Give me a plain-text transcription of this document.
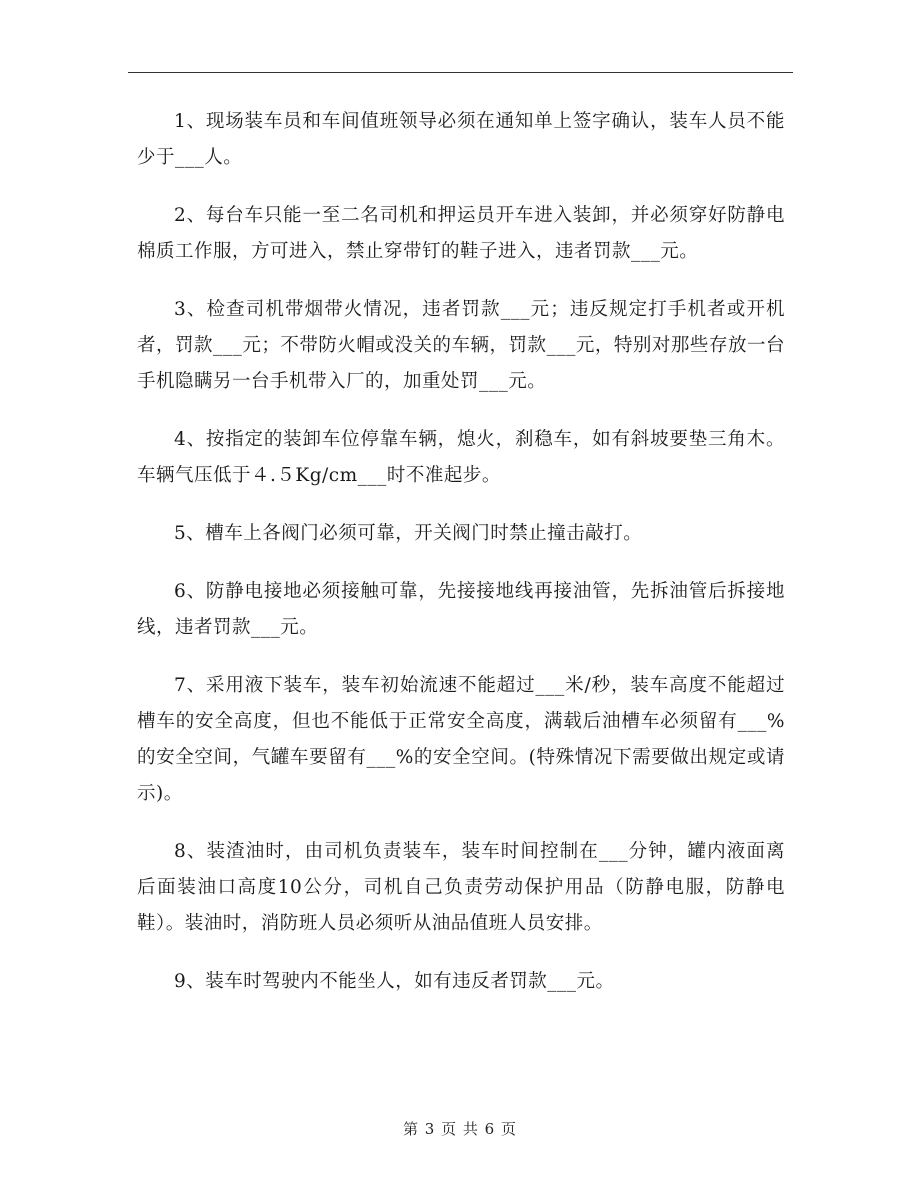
1、现场装车员和车间值班领导必须在通知单上签字确认，装车人员不能少于___人。

2、每台车只能一至二名司机和押运员开车进入装卸，并必须穿好防静电棉质工作服，方可进入，禁止穿带钉的鞋子进入，违者罚款___元。

3、检查司机带烟带火情况，违者罚款___元；违反规定打手机者或开机者，罚款___元；不带防火帽或没关的车辆，罚款___元，特别对那些存放一台手机隐瞒另一台手机带入厂的，加重处罚___元。

4、按指定的装卸车位停靠车辆，熄火，刹稳车，如有斜坡要垫三角木。车辆气压低于４.５Kg/cm___时不准起步。

5、槽车上各阀门必须可靠，开关阀门时禁止撞击敲打。

6、防静电接地必须接触可靠，先接接地线再接油管，先拆油管后拆接地线，违者罚款___元。

7、采用液下装车，装车初始流速不能超过___米/秒，装车高度不能超过槽车的安全高度，但也不能低于正常安全高度，满载后油槽车必须留有___%的安全空间，气罐车要留有___%的安全空间。(特殊情况下需要做出规定或请示)。

8、装渣油时，由司机负责装车，装车时间控制在___分钟，罐内液面离后面装油口高度10公分，司机自己负责劳动保护用品（防静电服，防静电鞋）。装油时，消防班人员必须听从油品值班人员安排。

9、装车时驾驶内不能坐人，如有违反者罚款___元。

第 3 页 共 6 页
